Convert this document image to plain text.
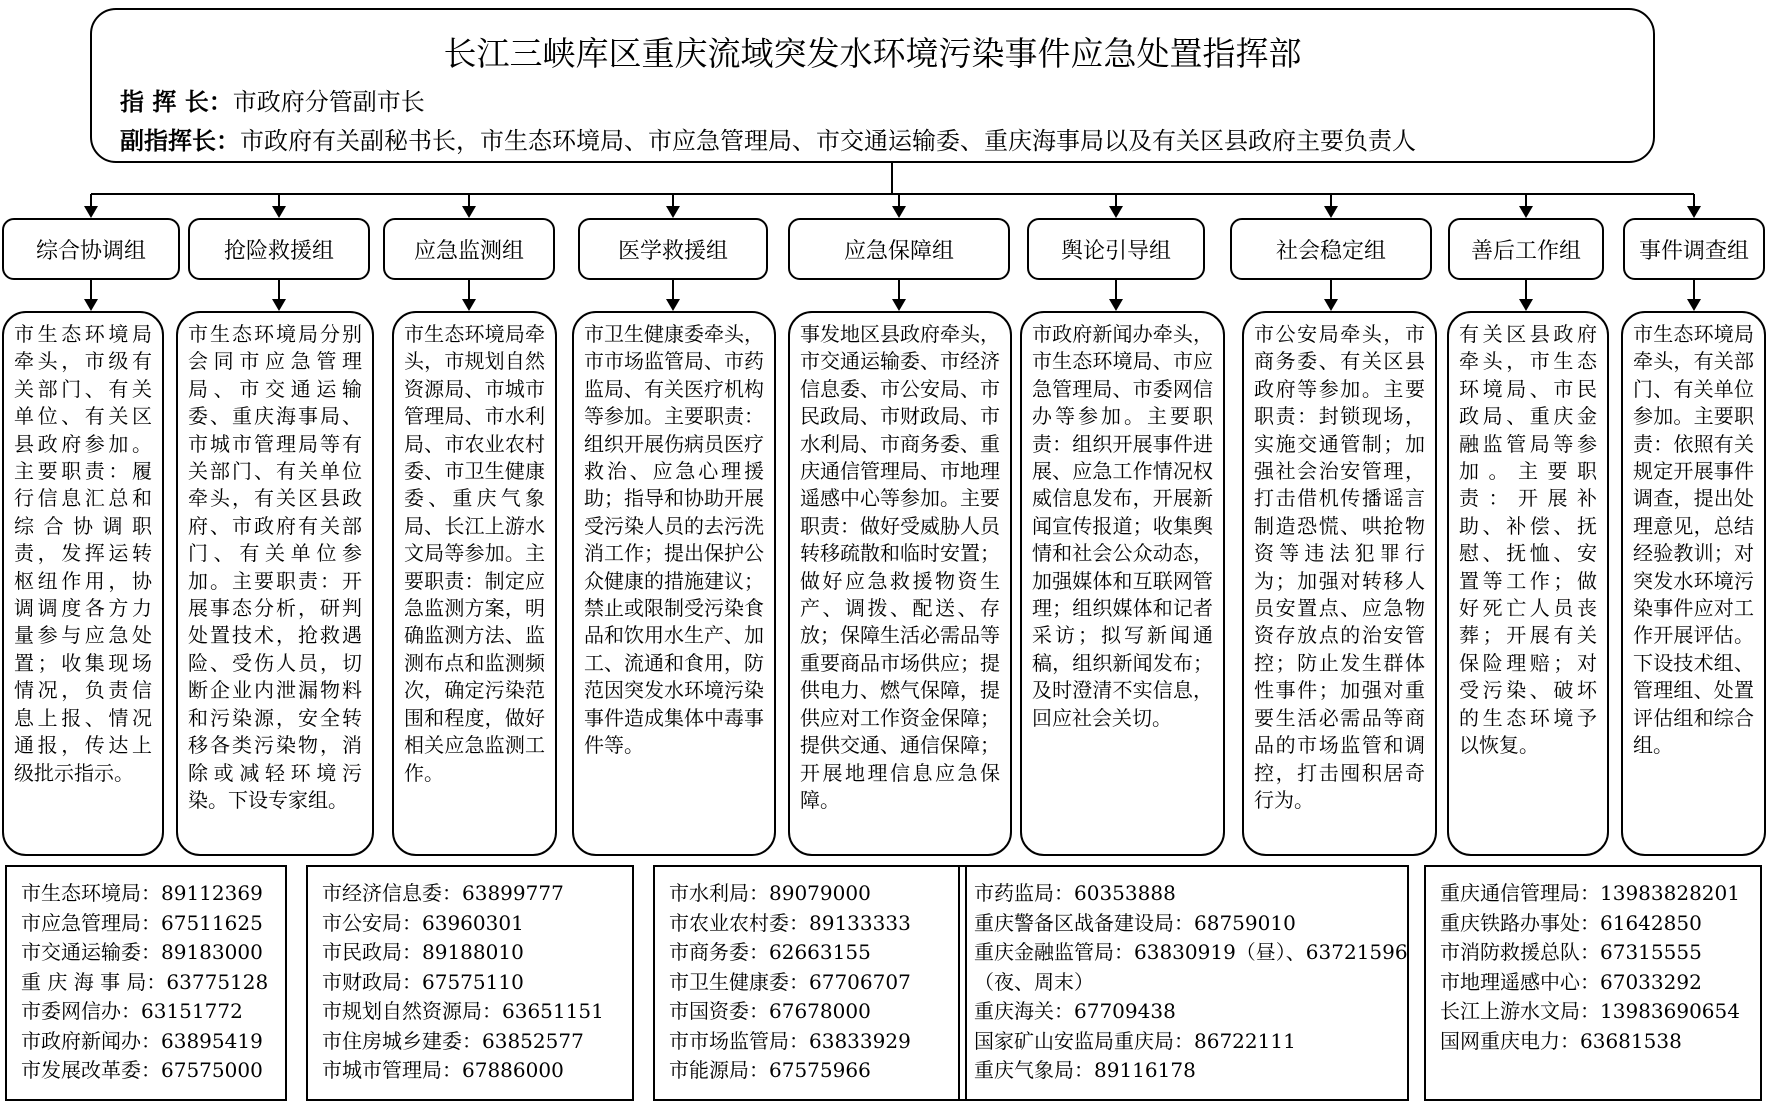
长江三峡库区重庆流域突发水环境污染事件应急处置指挥部
指 挥 长：市政府分管副市长
副指挥长：市政府有关副秘书长，市生态环境局、市应急管理局、市交通运输委、重庆海事局以及有关区县政府主要负责人
综合协调组
市生态环境局牵头，市级有关部门、有关单位、有关区县政府参加。主要职责：履行信息汇总和综合协调职责，发挥运转枢纽作用，协调调度各方力量参与应急处置；收集现场情况，负责信息上报、情况通报，传达上级批示指示。
抢险救援组
市生态环境局分别会同市应急管理局、市交通运输委、重庆海事局、市城市管理局等有关部门、有关单位牵头，有关区县政府、市政府有关部门、有关单位参加。主要职责：开展事态分析，研判处置技术，抢救遇险、受伤人员，切断企业内泄漏物料和污染源，安全转移各类污染物，消除或减轻环境污染。下设专家组。
应急监测组
市生态环境局牵头，市规划自然资源局、市城市管理局、市水利局、市农业农村委、市卫生健康委、重庆气象局、长江上游水文局等参加。主要职责：制定应急监测方案，明确监测方法、监测布点和监测频次，确定污染范围和程度，做好相关应急监测工作。
医学救援组
市卫生健康委牵头，市市场监管局、市药监局、有关医疗机构等参加。主要职责：组织开展伤病员医疗救治、应急心理援助；指导和协助开展受污染人员的去污洗消工作；提出保护公众健康的措施建议；禁止或限制受污染食品和饮用水生产、加工、流通和食用，防范因突发水环境污染事件造成集体中毒事件等。
应急保障组
事发地区县政府牵头，市交通运输委、市经济信息委、市公安局、市民政局、市财政局、市水利局、市商务委、重庆通信管理局、市地理遥感中心等参加。主要职责：做好受威胁人员转移疏散和临时安置；做好应急救援物资生产、调拨、配送、存放；保障生活必需品等重要商品市场供应；提供电力、燃气保障，提供应对工作资金保障；提供交通、通信保障；开展地理信息应急保障。
舆论引导组
市政府新闻办牵头，市生态环境局、市应急管理局、市委网信办等参加。主要职责：组织开展事件进展、应急工作情况权威信息发布，开展新闻宣传报道；收集舆情和社会公众动态，加强媒体和互联网管理；组织媒体和记者采访；拟写新闻通稿，组织新闻发布；及时澄清不实信息，回应社会关切。
社会稳定组
市公安局牵头，市商务委、有关区县政府等参加。主要职责：封锁现场，实施交通管制；加强社会治安管理，打击借机传播谣言制造恐慌、哄抢物资等违法犯罪行为；加强对转移人员安置点、应急物资存放点的治安管控；防止发生群体性事件；加强对重要生活必需品等商品的市场监管和调控，打击囤积居奇行为。
善后工作组
有关区县政府牵头，市生态环境局、市民政局、重庆金融监管局等参加。主要职责：开展补助、补偿、抚慰、抚恤、安置等工作；做好死亡人员丧葬；开展有关保险理赔；对受污染、破坏的生态环境予以恢复。
事件调查组
市生态环境局牵头，有关部门、有关单位参加。主要职责：依照有关规定开展事件调查，提出处理意见，总结经验教训；对突发水环境污染事件应对工作开展评估。下设技术组、管理组、处置评估组和综合组。
市生态环境局：89112369
市应急管理局：67511625
市交通运输委：89183000
重 庆 海 事 局：63775128
市委网信办：63151772
市政府新闻办：63895419
市发展改革委：67575000
市经济信息委：63899777
市公安局：63960301
市民政局：89188010
市财政局：67575110
市规划自然资源局：63651151
市住房城乡建委：63852577
市城市管理局：67886000
市水利局：89079000
市农业农村委：89133333
市商务委：62663155
市卫生健康委：67706707
市国资委：67678000
市市场监管局：63833929
市能源局：67575966
市药监局：60353888
重庆警备区战备建设局：68759010
重庆金融监管局：63830919（昼）、63721596
（夜、周末）
重庆海关：67709438
国家矿山安监局重庆局：86722111
重庆气象局：89116178
重庆通信管理局：13983828201
重庆铁路办事处：61642850
市消防救援总队：67315555
市地理遥感中心：67033292
长江上游水文局：13983690654
国网重庆电力：63681538
